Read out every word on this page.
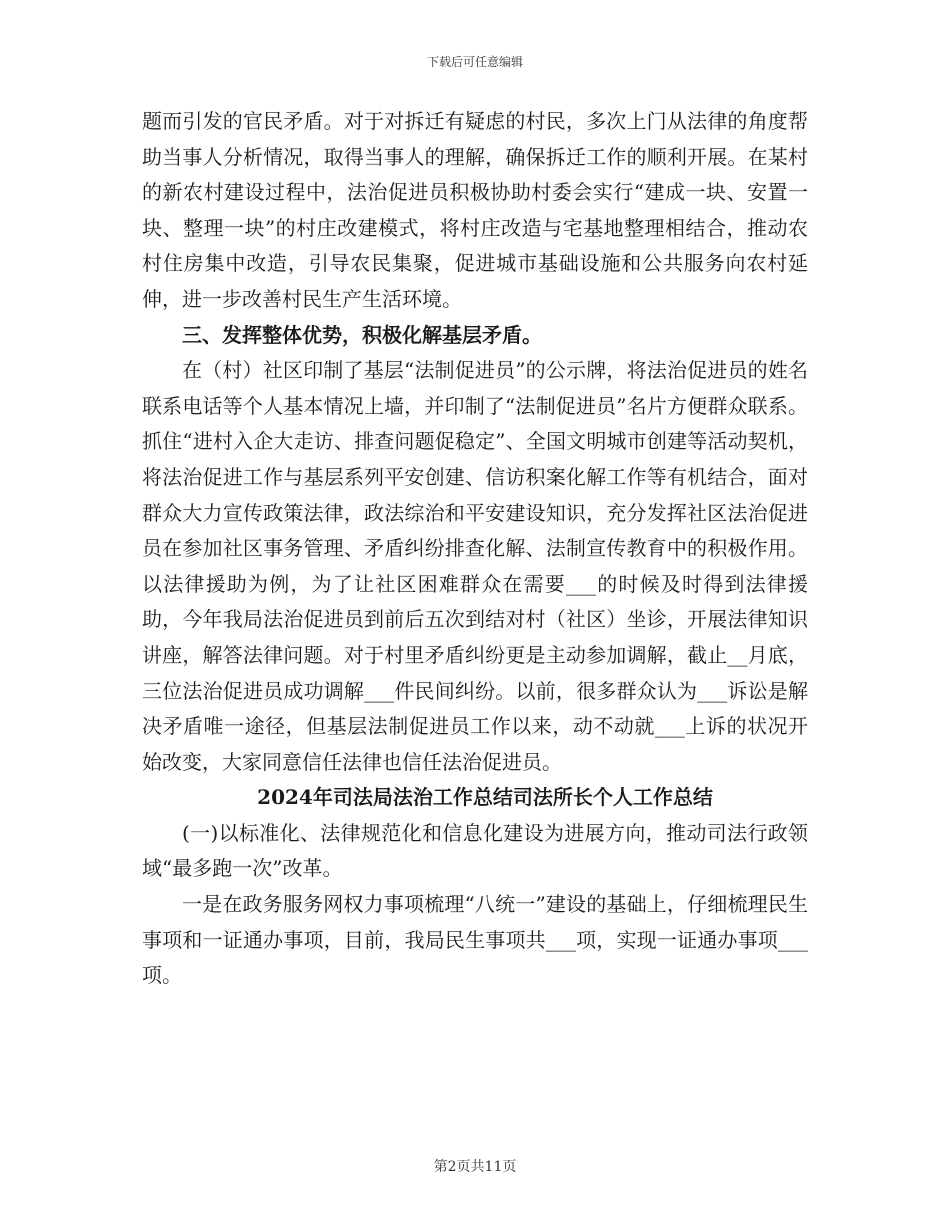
下载后可任意编辑

题而引发的官民矛盾。对于对拆迁有疑虑的村民，多次上门从法律的角度帮助当事人分析情况，取得当事人的理解，确保拆迁工作的顺利开展。在某村的新农村建设过程中，法治促进员积极协助村委会实行“建成一块、安置一块、整理一块”的村庄改建模式，将村庄改造与宅基地整理相结合，推动农村住房集中改造，引导农民集聚，促进城市基础设施和公共服务向农村延伸，进一步改善村民生产生活环境。

三、发挥整体优势，积极化解基层矛盾。

在（村）社区印制了基层“法制促进员”的公示牌，将法治促进员的姓名联系电话等个人基本情况上墙，并印制了“法制促进员”名片方便群众联系。抓住“进村入企大走访、排查问题促稳定”、全国文明城市创建等活动契机，将法治促进工作与基层系列平安创建、信访积案化解工作等有机结合，面对群众大力宣传政策法律，政法综治和平安建设知识，充分发挥社区法治促进员在参加社区事务管理、矛盾纠纷排查化解、法制宣传教育中的积极作用。以法律援助为例，为了让社区困难群众在需要___的时候及时得到法律援助，今年我局法治促进员到前后五次到结对村（社区）坐诊，开展法律知识讲座，解答法律问题。对于村里矛盾纠纷更是主动参加调解，截止__月底，三位法治促进员成功调解___件民间纠纷。以前，很多群众认为___诉讼是解决矛盾唯一途径，但基层法制促进员工作以来，动不动就___上诉的状况开始改变，大家同意信任法律也信任法治促进员。

2024年司法局法治工作总结司法所长个人工作总结

(一)以标准化、法律规范化和信息化建设为进展方向，推动司法行政领域“最多跑一次”改革。

一是在政务服务网权力事项梳理“八统一”建设的基础上，仔细梳理民生事项和一证通办事项，目前，我局民生事项共___项，实现一证通办事项___项。

第2页共11页
